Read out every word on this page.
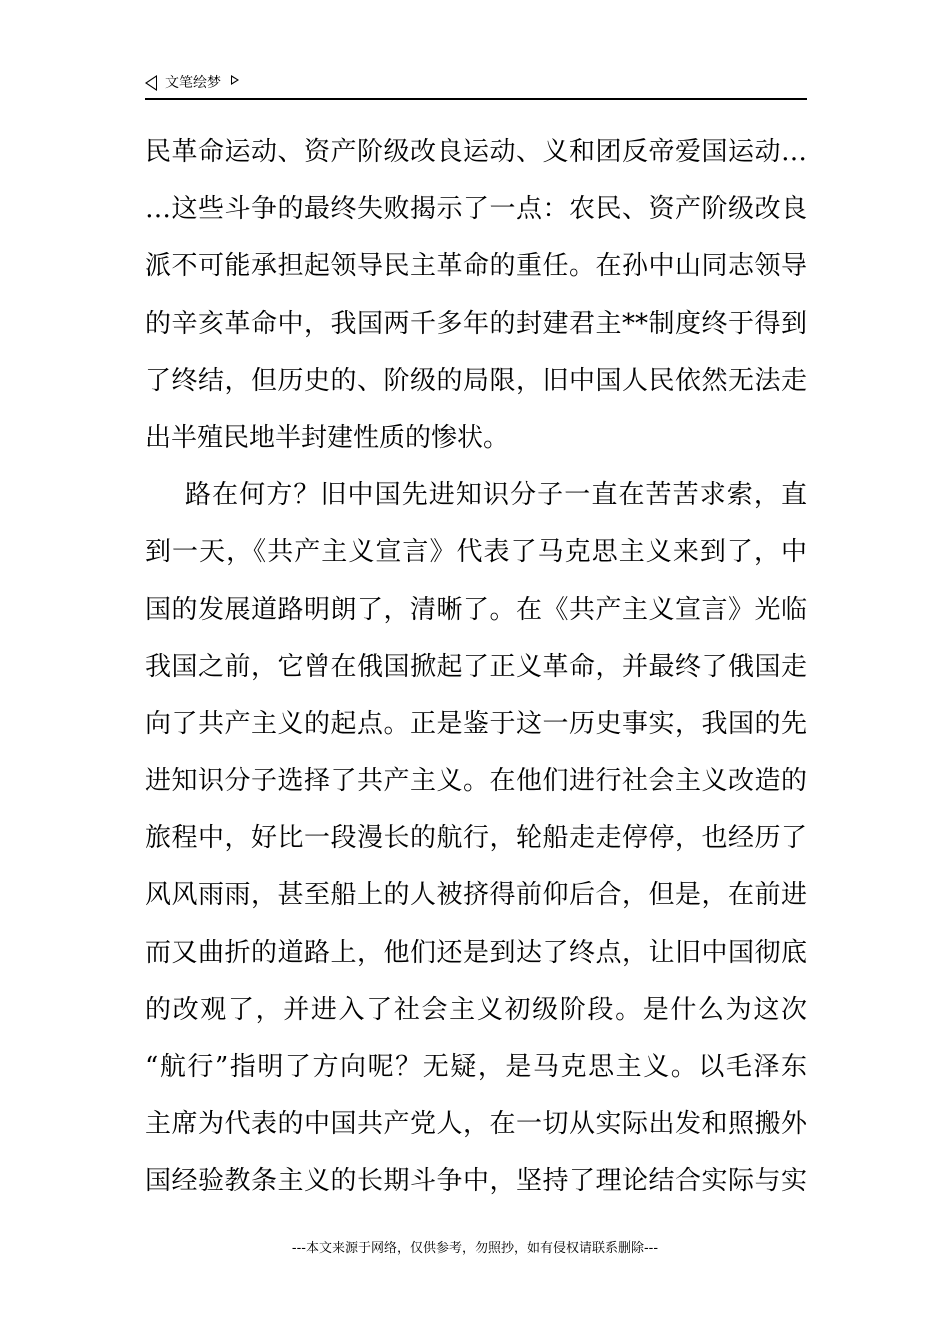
文笔绘梦
民革命运动、资产阶级改良运动、义和团反帝爱国运动…
…这些斗争的最终失败揭示了一点：农民、资产阶级改良
派不可能承担起领导民主革命的重任。在孙中山同志领导
的辛亥革命中，我国两千多年的封建君主**制度终于得到
了终结，但历史的、阶级的局限，旧中国人民依然无法走
出半殖民地半封建性质的惨状。
路在何方？旧中国先进知识分子一直在苦苦求索，直
到一天，《共产主义宣言》代表了马克思主义来到了，中
国的发展道路明朗了，清晰了。在《共产主义宣言》光临
我国之前，它曾在俄国掀起了正义革命，并最终了俄国走
向了共产主义的起点。正是鉴于这一历史事实，我国的先
进知识分子选择了共产主义。在他们进行社会主义改造的
旅程中，好比一段漫长的航行，轮船走走停停，也经历了
风风雨雨，甚至船上的人被挤得前仰后合，但是，在前进
而又曲折的道路上，他们还是到达了终点，让旧中国彻底
的改观了，并进入了社会主义初级阶段。是什么为这次
“航行”指明了方向呢？无疑，是马克思主义。以毛泽东
主席为代表的中国共产党人，在一切从实际出发和照搬外
国经验教条主义的长期斗争中，坚持了理论结合实际与实
---本文来源于网络，仅供参考，勿照抄，如有侵权请联系删除---
